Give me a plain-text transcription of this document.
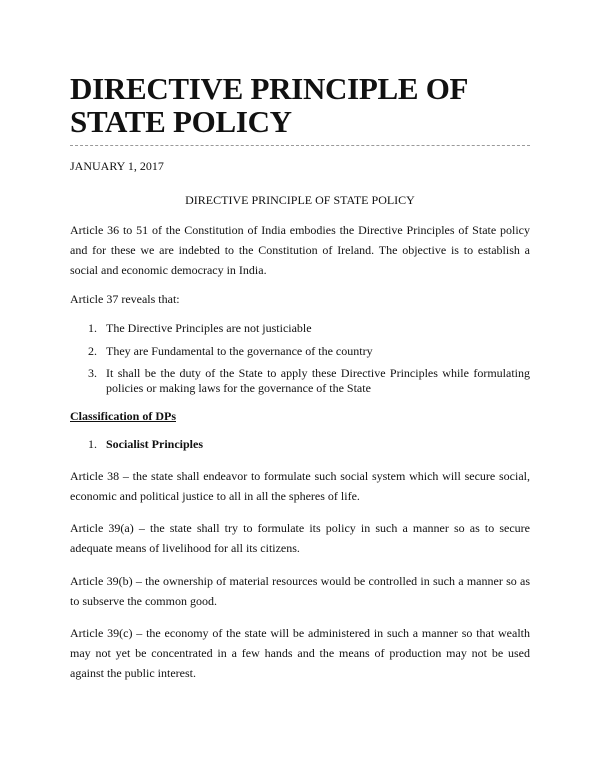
DIRECTIVE PRINCIPLE OF STATE POLICY
JANUARY 1, 2017
DIRECTIVE PRINCIPLE OF STATE POLICY

Article 36 to 51 of the Constitution of India embodies the Directive Principles of State policy and for these we are indebted to the Constitution of Ireland. The objective is to establish a social and economic democracy in India.

Article 37 reveals that:

1. The Directive Principles are not justiciable
2. They are Fundamental to the governance of the country
3. It shall be the duty of the State to apply these Directive Principles while formulating policies or making laws for the governance of the State
Classification of DPs
1. Socialist Principles

Article 38 – the state shall endeavor to formulate such social system which will secure social, economic and political justice to all in all the spheres of life.

Article 39(a) – the state shall try to formulate its policy in such a manner so as to secure adequate means of livelihood for all its citizens.

Article 39(b) – the ownership of material resources would be controlled in such a manner so as to subserve the common good.

Article 39(c) – the economy of the state will be administered in such a manner so that wealth may not yet be concentrated in a few hands and the means of production may not be used against the public interest.
